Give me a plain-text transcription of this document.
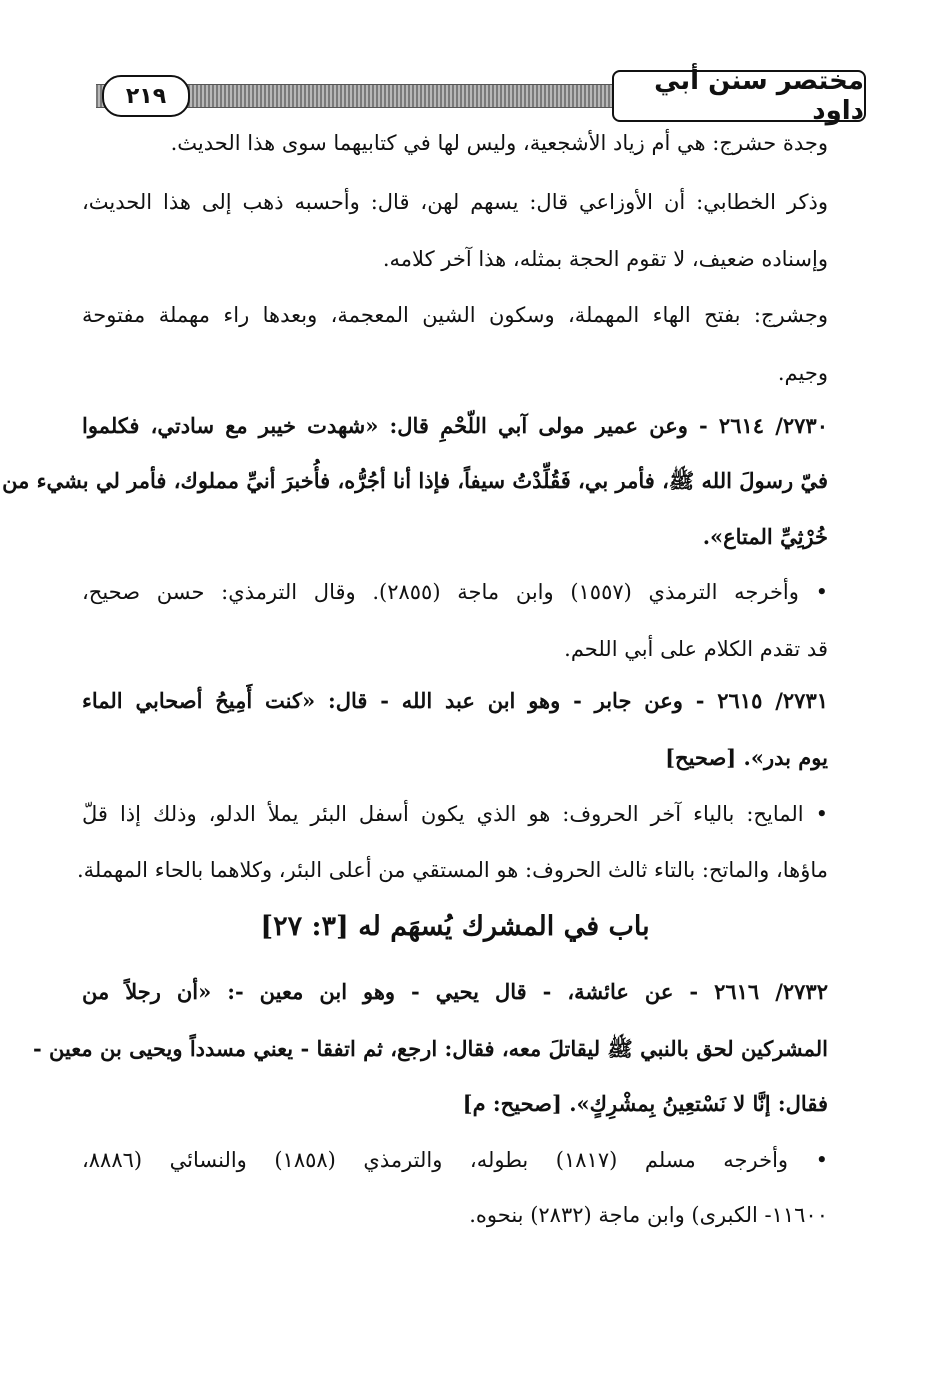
٢١٩	مختصر سنن أبي داود
وجدة حشرج: هي أم زياد الأشجعية، وليس لها في كتابيهما سوى هذا الحديث.
وذكر الخطابي: أن الأوزاعي قال: يسهم لهن، قال: وأحسبه ذهب إلى هذا الحديث،
وإسناده ضعيف، لا تقوم الحجة بمثله، هذا آخر كلامه.
وجشرج: بفتح الهاء المهملة، وسكون الشين المعجمة، وبعدها راء مهملة مفتوحة
وجيم.
٢٧٣٠/ ٢٦١٤ - وعن عمير مولى آبي اللّحْمِ قال: «شهدت خيبر مع سادتي، فكلموا
فيّ رسولَ الله ﷺ، فأمر بي، فَقُلِّدْتُ سيفاً، فإذا أنا أجُرُّه، فأُخبرَ أنيِّ مملوك، فأمر لي بشيء من
خُرْثِيِّ المتاع».
• وأخرجه الترمذي (١٥٥٧) وابن ماجة (٢٨٥٥). وقال الترمذي: حسن صحيح،
قد تقدم الكلام على أبي اللحم.
٢٧٣١/ ٢٦١٥ - وعن جابر - وهو ابن عبد الله - قال: «كنت أَمِيحُ أصحابي الماء
يوم بدر». [صحيح]
• المايح: بالياء آخر الحروف: هو الذي يكون أسفل البئر يملأ الدلو، وذلك إذا قلّ
ماؤها، والماتح: بالتاء ثالث الحروف: هو المستقي من أعلى البئر، وكلاهما بالحاء المهملة.
باب في المشرك يُسهَم له [٣: ٢٧]
٢٧٣٢/ ٢٦١٦ - عن عائشة، - قال يحيي - وهو ابن معين -: «أن رجلاً من
المشركين لحق بالنبي ﷺ ليقاتلَ معه، فقال: ارجع، ثم اتفقا - يعني مسدداً ويحيى بن معين -
فقال: إنَّا لا نَسْتعِينُ بِمشْرِكٍ». [صحيح: م]
• وأخرجه مسلم (١٨١٧) بطوله، والترمذي (١٨٥٨) والنسائي (٨٨٨٦،
١١٦٠٠- الكبرى) وابن ماجة (٢٨٣٢) بنحوه.
